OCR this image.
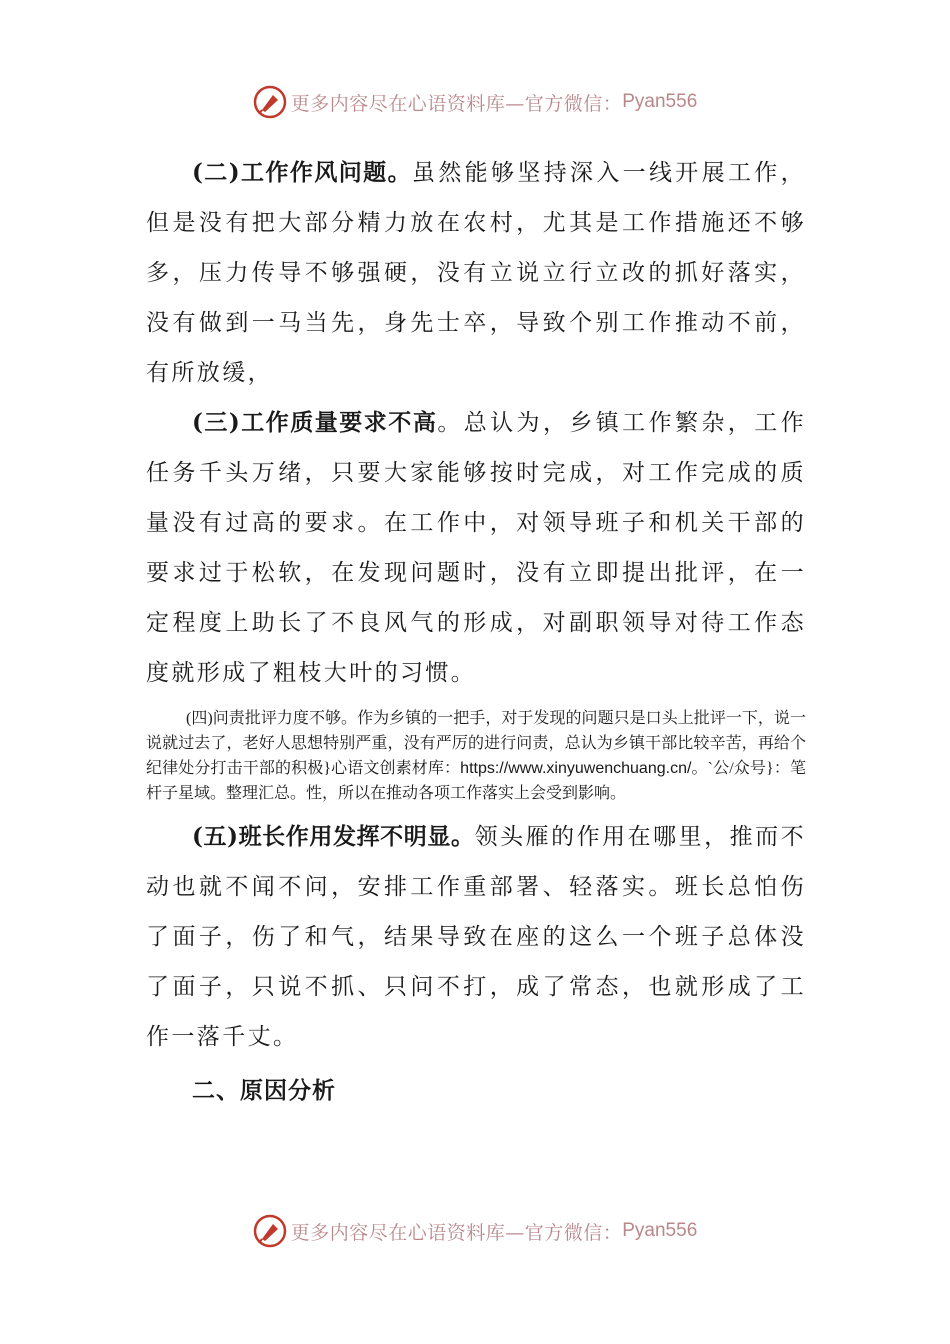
更多内容尽在心语资料库—官方微信： Pyan556

(二)工作作风问题。虽然能够坚持深入一线开展工作，但是没有把大部分精力放在农村，尤其是工作措施还不够多，压力传导不够强硬，没有立说立行立改的抓好落实，没有做到一马当先，身先士卒，导致个别工作推动不前，有所放缓，

(三)工作质量要求不高。总认为，乡镇工作繁杂，工作任务千头万绪，只要大家能够按时完成，对工作完成的质量没有过高的要求。在工作中，对领导班子和机关干部的要求过于松软，在发现问题时，没有立即提出批评，在一定程度上助长了不良风气的形成，对副职领导对待工作态度就形成了粗枝大叶的习惯。

(四)问责批评力度不够。作为乡镇的一把手，对于发现的问题只是口头上批评一下，说一说就过去了，老好人思想特别严重，没有严厉的进行问责，总认为乡镇干部比较辛苦，再给个纪律处分打击干部的积极}心语文创素材库：https://www.xinyuwenchuang.cn/。`公/众号}：笔杆子星域。整理汇总。性，所以在推动各项工作落实上会受到影响。

(五)班长作用发挥不明显。领头雁的作用在哪里，推而不动也就不闻不问，安排工作重部署、轻落实。班长总怕伤了面子，伤了和气，结果导致在座的这么一个班子总体没了面子，只说不抓、只问不打，成了常态，也就形成了工作一落千丈。

二、原因分析

更多内容尽在心语资料库—官方微信： Pyan556
